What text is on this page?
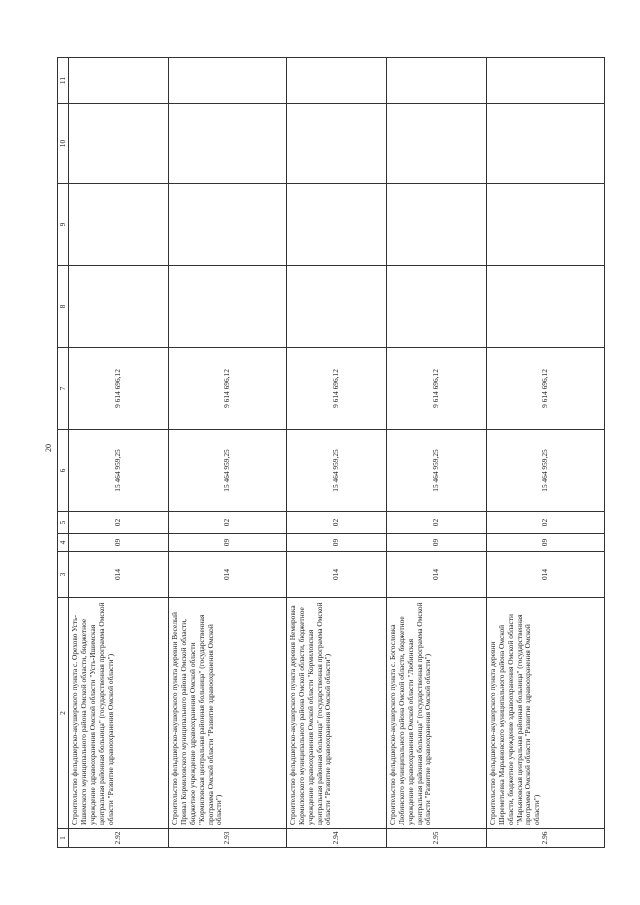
20
1	2	3	4	5	6	7	8	9	10	11
2.92	Строительство фельдшерско-акушерского пункта с. Орехово Усть-Ишимского муниципального района Омской области, бюджетное учреждение здравоохранения Омской области "Усть-Ишимская центральная районная больница" (государственная программа Омской области "Развитие здравоохранения Омской области")	014	09	02	15 464 959,25	9 614 696,12				
2.93	Строительство фельдшерско-акушерского пункта деревни Веселый Привал Кормиловского муниципального района Омской области, бюджетное учреждение здравоохранения Омской области "Кормиловская центральная районная больница" (государственная программа Омской области "Развитие здравоохранения Омской области")	014	09	02	15 464 959,25	9 614 696,12				
2.94	Строительство фельдшерско-акушерского пункта деревня Немировка Кормиловского муниципального района Омской области, бюджетное учреждение здравоохранения Омской области "Кормиловская центральная районная больница" (государственная программа Омской области "Развитие здравоохранения Омской области")	014	09	02	15 464 959,25	9 614 696,12				
2.95	Строительство фельдшерско-акушерского пункта с. Богословка Любинского муниципального района Омской области, бюджетное учреждение здравоохранения Омской области "Любинская центральная районная больница" (государственная программа Омской области "Развитие здравоохранения Омской области")	014	09	02	15 464 959,25	9 614 696,12				
2.96	Строительство фельдшерско-акушерского пункта деревни Шереметьевка Марьяновского муниципального района Омской области, бюджетное учреждение здравоохранения Омской области "Марьяновская центральная районная больница" (государственная программа Омской области "Развитие здравоохранения Омской области")	014	09	02	15 464 959,25	9 614 696,12				
